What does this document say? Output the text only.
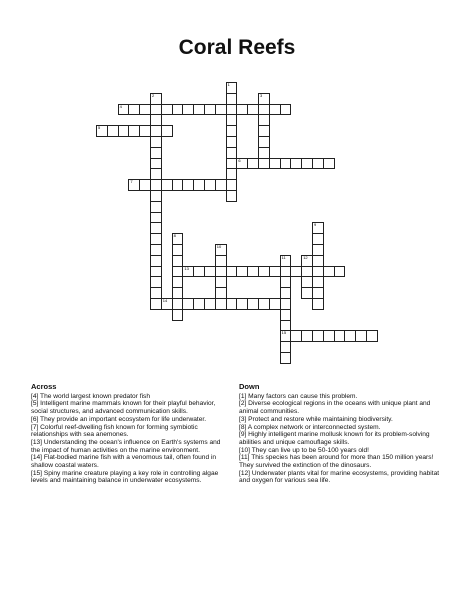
Coral Reefs
2
1
3
8
9
10
11
15
12
4
5
6
7
13
14
Across

[4] The world largest known predator fish

[5] Intelligent marine mammals known for their playful behavior, social structures, and advanced communication skills.

[6] They provide an important ecosystem for life underwater.

[7] Colorful reef-dwelling fish known for forming symbiotic relationships with sea anemones.

[13] Understanding the ocean's influence on Earth's systems and the impact of human activities on the marine environment.

[14] Flat-bodied marine fish with a venomous tail, often found in shallow coastal waters.

[15] Spiny marine creature playing a key role in controlling algae levels and maintaining balance in underwater ecosystems.

Down

[1] Many factors can cause this problem.

[2] Diverse ecological regions in the oceans with unique plant and animal communities.

[3] Protect and restore while maintaining biodiversity.

[8] A complex network or interconnected system.

[9] Highly intelligent marine mollusk known for its problem-solving abilities and unique camouflage skills.

[10] They can live up to be 50-100 years old!

[11] This species has been around for more than 150 million years! They survived the extinction of the dinosaurs.

[12] Underwater plants vital for marine ecosystems, providing habitat and oxygen for various sea life.
